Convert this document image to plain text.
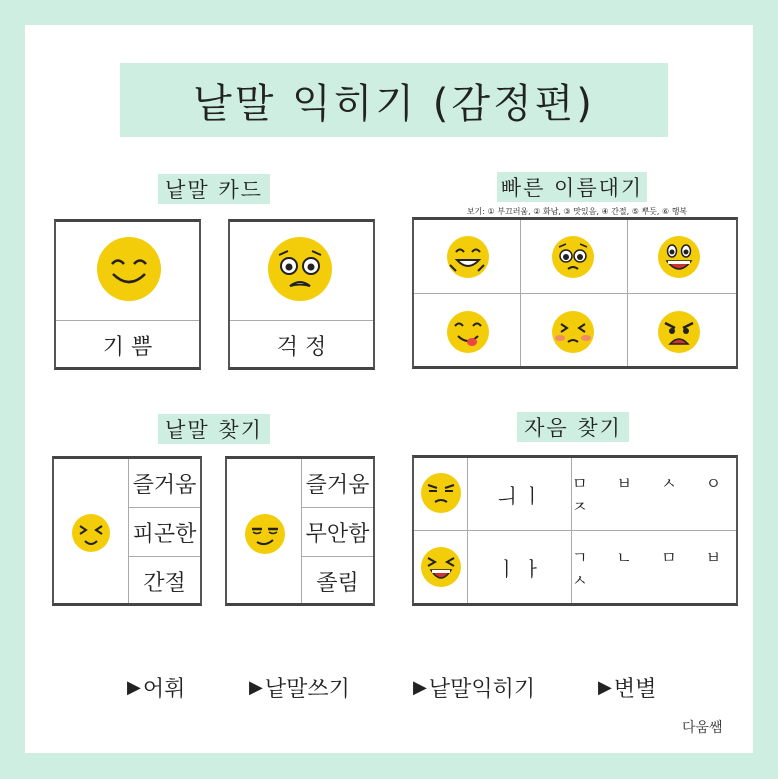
낱말 익히기 (감정편)
낱말 카드
기 쁨	걱 정
빠른 이름대기
보기: ① 부끄러움, ② 화남, ③ 맛있음, ④ 간절, ⑤ 뿌듯, ⑥ 행복
낱말 찾기
즐거움
피곤한
간절
즐거움
무안함
졸림
자음 찾기
ㅢ ㅣ	ㅁ ㅂ ㅅ ㅇ ㅈ
ㅣ ㅏ	ㄱ ㄴ ㅁ ㅂ ㅅ
▶ 어휘	▶ 낱말쓰기	▶ 낱말익히기	▶ 변별
다움쌤
